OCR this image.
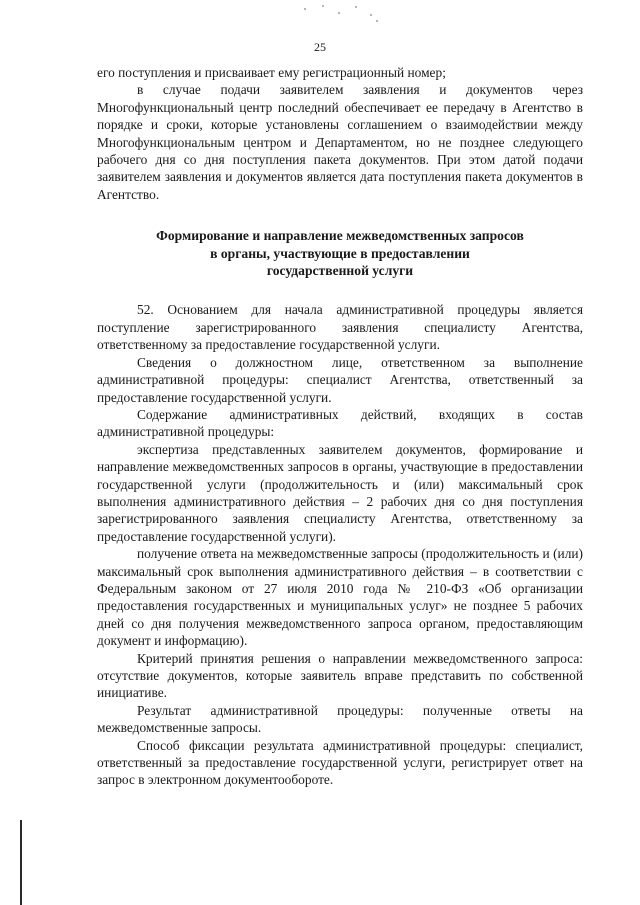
25

его поступления и присваивает ему регистрационный номер;

в случае подачи заявителем заявления и документов через Многофункциональный центр последний обеспечивает ее передачу в Агентство в порядке и сроки, которые установлены соглашением о взаимодействии между Многофункциональным центром и Департаментом, но не позднее следующего рабочего дня со дня поступления пакета документов. При этом датой подачи заявителем заявления и документов является дата поступления пакета документов в Агентство.

Формирование и направление межведомственных запросов
в органы, участвующие в предоставлении
государственной услуги

52. Основанием для начала административной процедуры является поступление зарегистрированного заявления специалисту Агентства, ответственному за предоставление государственной услуги.

Сведения о должностном лице, ответственном за выполнение административной процедуры: специалист Агентства, ответственный за предоставление государственной услуги.

Содержание административных действий, входящих в состав административной процедуры:

экспертиза представленных заявителем документов, формирование и направление межведомственных запросов в органы, участвующие в предоставлении государственной услуги (продолжительность и (или) максимальный срок выполнения административного действия – 2 рабочих дня со дня поступления зарегистрированного заявления специалисту Агентства, ответственному за предоставление государственной услуги).

получение ответа на межведомственные запросы (продолжительность и (или) максимальный срок выполнения административного действия – в соответствии с Федеральным законом от 27 июля 2010 года № 210-ФЗ «Об организации предоставления государственных и муниципальных услуг» не позднее 5 рабочих дней со дня получения межведомственного запроса органом, предоставляющим документ и информацию).

Критерий принятия решения о направлении межведомственного запроса: отсутствие документов, которые заявитель вправе представить по собственной инициативе.

Результат административной процедуры: полученные ответы на межведомственные запросы.

Способ фиксации результата административной процедуры: специалист, ответственный за предоставление государственной услуги, регистрирует ответ на запрос в электронном документообороте.
